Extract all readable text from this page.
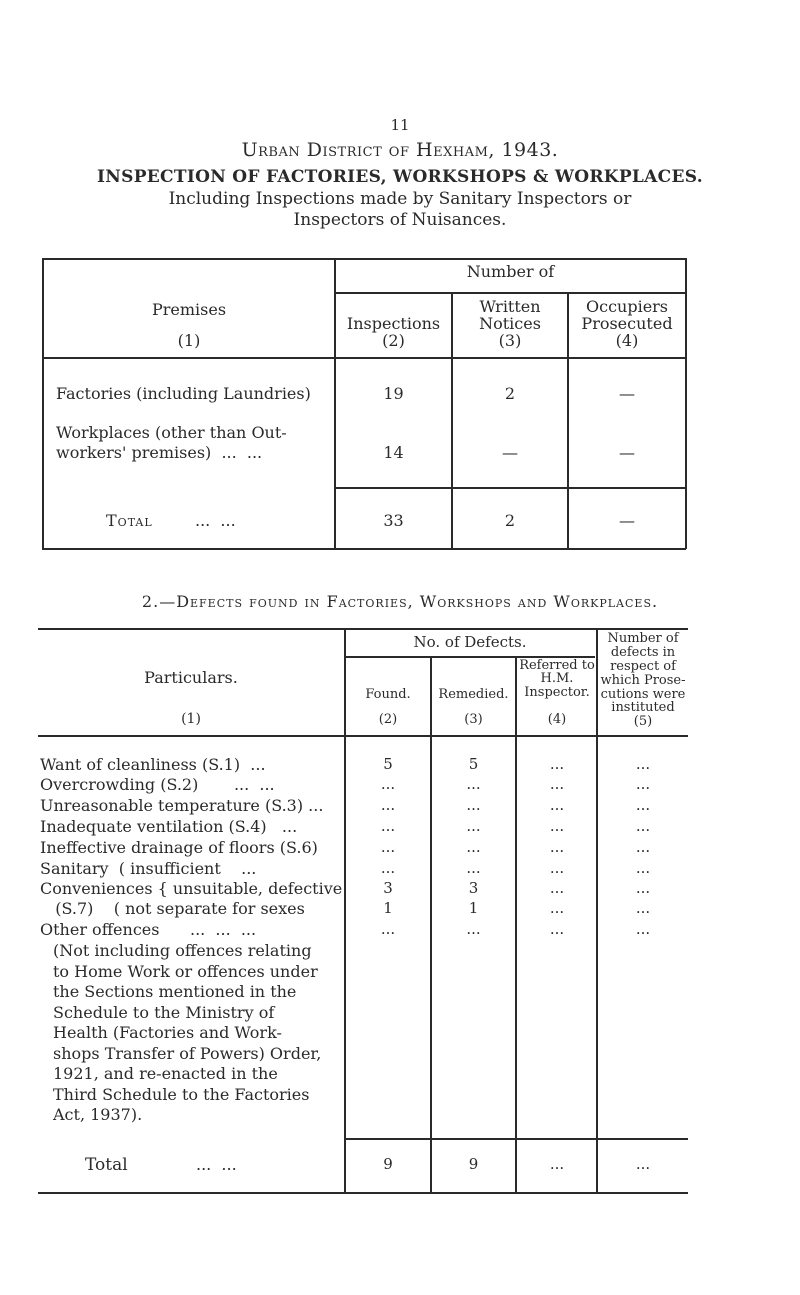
11
Urban District of Hexham, 1943.
INSPECTION OF FACTORIES, WORKSHOPS & WORKPLACES.
Including Inspections made by Sanitary Inspectors or
Inspectors of Nuisances.
Number of
Premises
(1)
Inspections
(2)
Written
Notices
(3)
Occupiers
Prosecuted
(4)
Factories (including Laundries)	19	2	—
Workplaces (other than Out-
workers' premises)  ...  ...	14	—	—
Total	...  ...	33	2	—
2.—Defects found in Factories, Workshops and Workplaces.
Particulars.
(1)
No. of Defects.
Found.
(2)
Remedied.
(3)
Referred to
H.M.
Inspector.
(4)
Number of
defects in
respect of
which Prose-
cutions were
instituted
(5)
Want of cleanliness (S.1)  ...	5	5	...	...
Overcrowding (S.2)       ...  ...	...	...	...	...
Unreasonable temperature (S.3) ...	...	...	...	...
Inadequate ventilation (S.4)   ...	...	...	...	...
Ineffective drainage of floors (S.6)	...	...	...	...
Sanitary  ( insufficient    ...	...	...	...	...
Conveniences { unsuitable, defective	3	3	...	...
(S.7)    ( not separate for sexes	1	1	...	...
Other offences      ...  ...  ...	...	...	...	...
(Not including offences relating
to Home Work or offences under
the Sections mentioned in the
Schedule to the Ministry of
Health (Factories and Work-
shops Transfer of Powers) Order,
1921, and re-enacted in the
Third Schedule to the Factories
Act, 1937).
Total	...  ...	9	9	...	...
